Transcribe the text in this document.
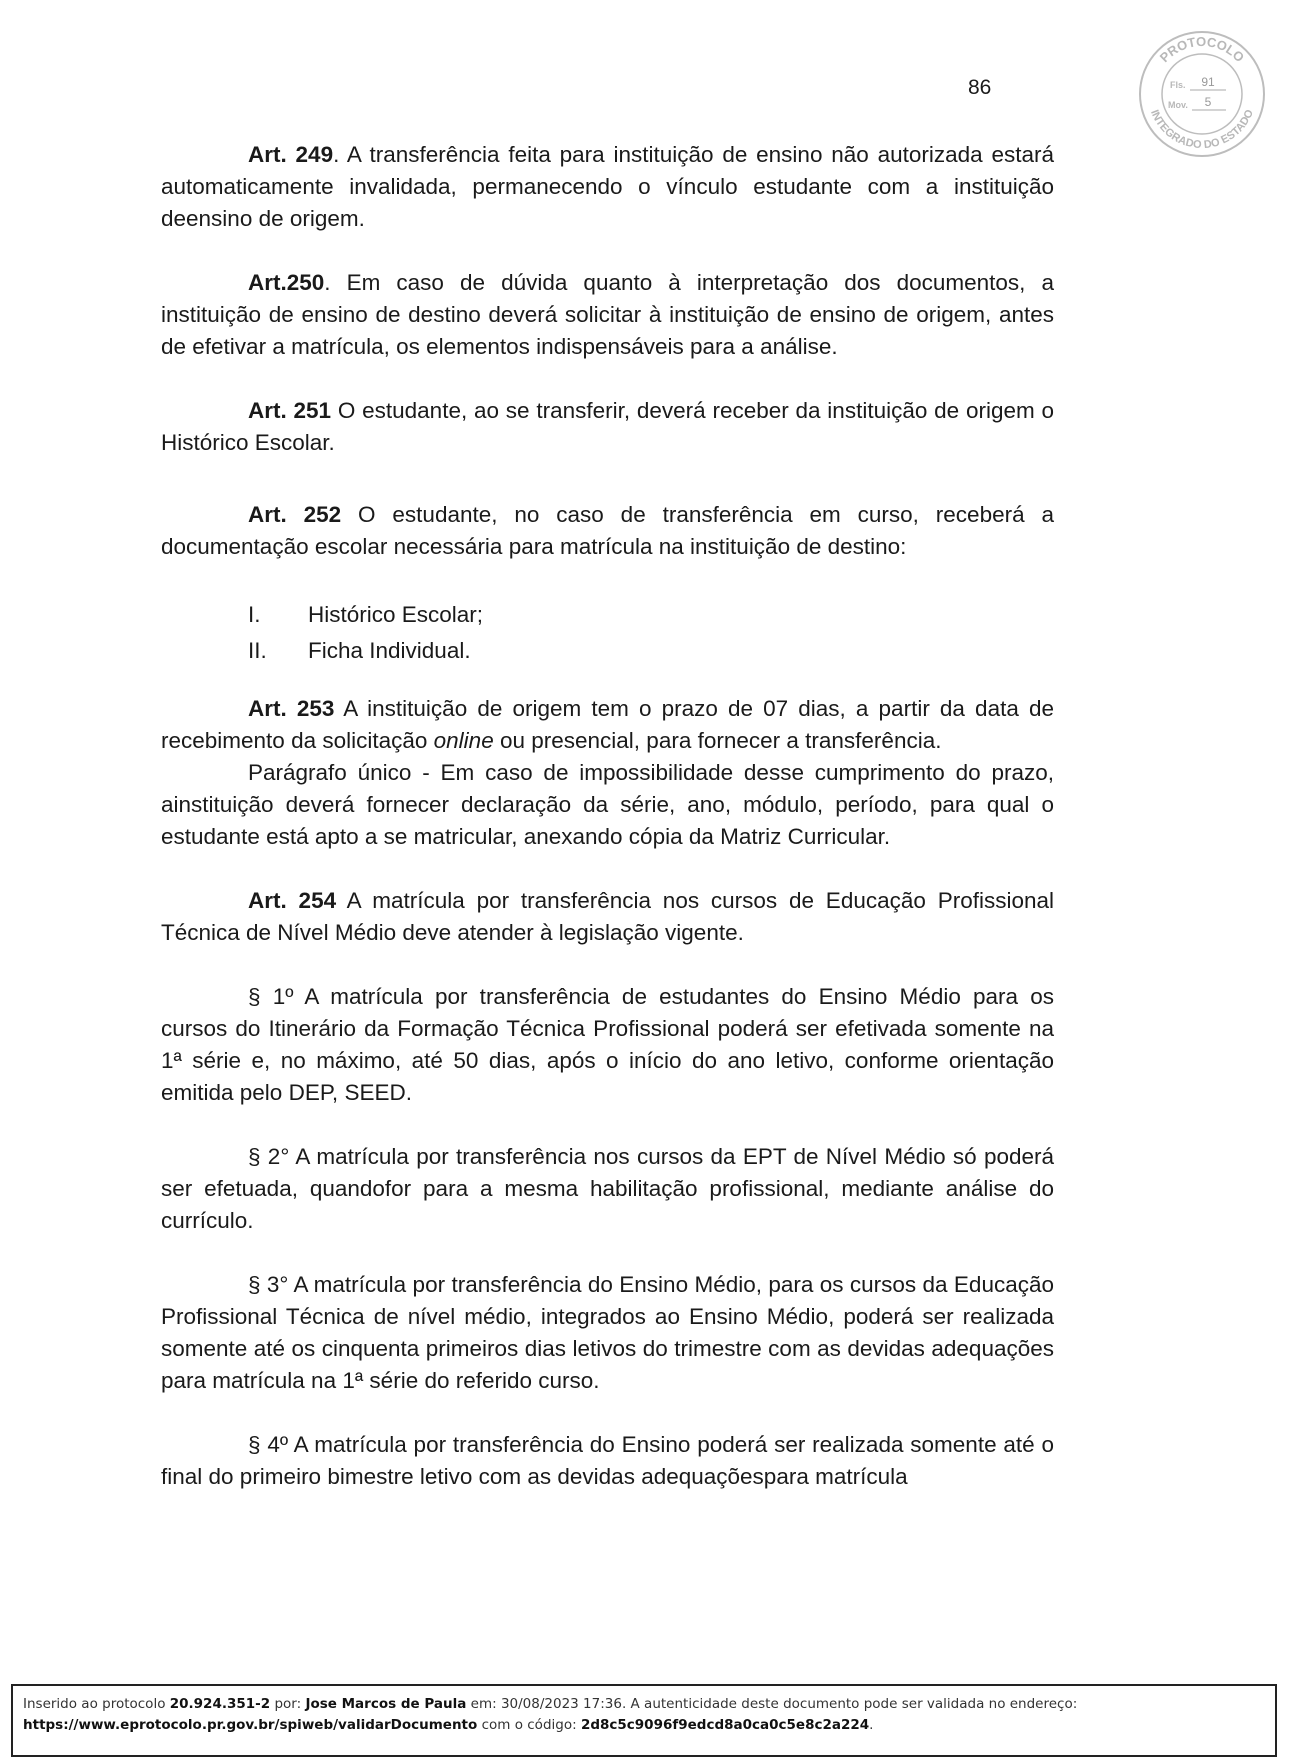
86
PROTOCOLO
INTEGRADO DO ESTADO
Fls. 91
Mov. 5

Art. 249. A transferência feita para instituição de ensino não autorizada estará automaticamente invalidada, permanecendo o vínculo estudante com a instituição deensino de origem.

Art.250. Em caso de dúvida quanto à interpretação dos documentos, a instituição de ensino de destino deverá solicitar à instituição de ensino de origem, antes de efetivar a matrícula, os elementos indispensáveis para a análise.

Art. 251 O estudante, ao se transferir, deverá receber da instituição de origem o Histórico Escolar.

Art. 252 O estudante, no caso de transferência em curso, receberá a documentação escolar necessária para matrícula na instituição de destino:

I.	Histórico Escolar;
II.	Ficha Individual.

Art. 253 A instituição de origem tem o prazo de 07 dias, a partir da data de recebimento da solicitação online ou presencial, para fornecer a transferência.

Parágrafo único - Em caso de impossibilidade desse cumprimento do prazo, ainstituição deverá fornecer declaração da série, ano, módulo, período, para qual o estudante está apto a se matricular, anexando cópia da Matriz Curricular.

Art. 254 A matrícula por transferência nos cursos de Educação Profissional Técnica de Nível Médio deve atender à legislação vigente.

§ 1º A matrícula por transferência de estudantes do Ensino Médio para os cursos do Itinerário da Formação Técnica Profissional poderá ser efetivada somente na 1ª série e, no máximo, até 50 dias, após o início do ano letivo, conforme orientação emitida pelo DEP, SEED.

§ 2° A matrícula por transferência nos cursos da EPT de Nível Médio só poderá ser efetuada, quandofor para a mesma habilitação profissional, mediante análise do currículo.

§ 3° A matrícula por transferência do Ensino Médio, para os cursos da Educação Profissional Técnica de nível médio, integrados ao Ensino Médio, poderá ser realizada somente até os cinquenta primeiros dias letivos do trimestre com as devidas adequações para matrícula na 1ª série do referido curso.

§ 4º A matrícula por transferência do Ensino poderá ser realizada somente até o final do primeiro bimestre letivo com as devidas adequaçõespara matrícula

Inserido ao protocolo 20.924.351-2 por: Jose Marcos de Paula em: 30/08/2023 17:36. A autenticidade deste documento pode ser validada no endereço:
https://www.eprotocolo.pr.gov.br/spiweb/validarDocumento com o código: 2d8c5c9096f9edcd8a0ca0c5e8c2a224.
